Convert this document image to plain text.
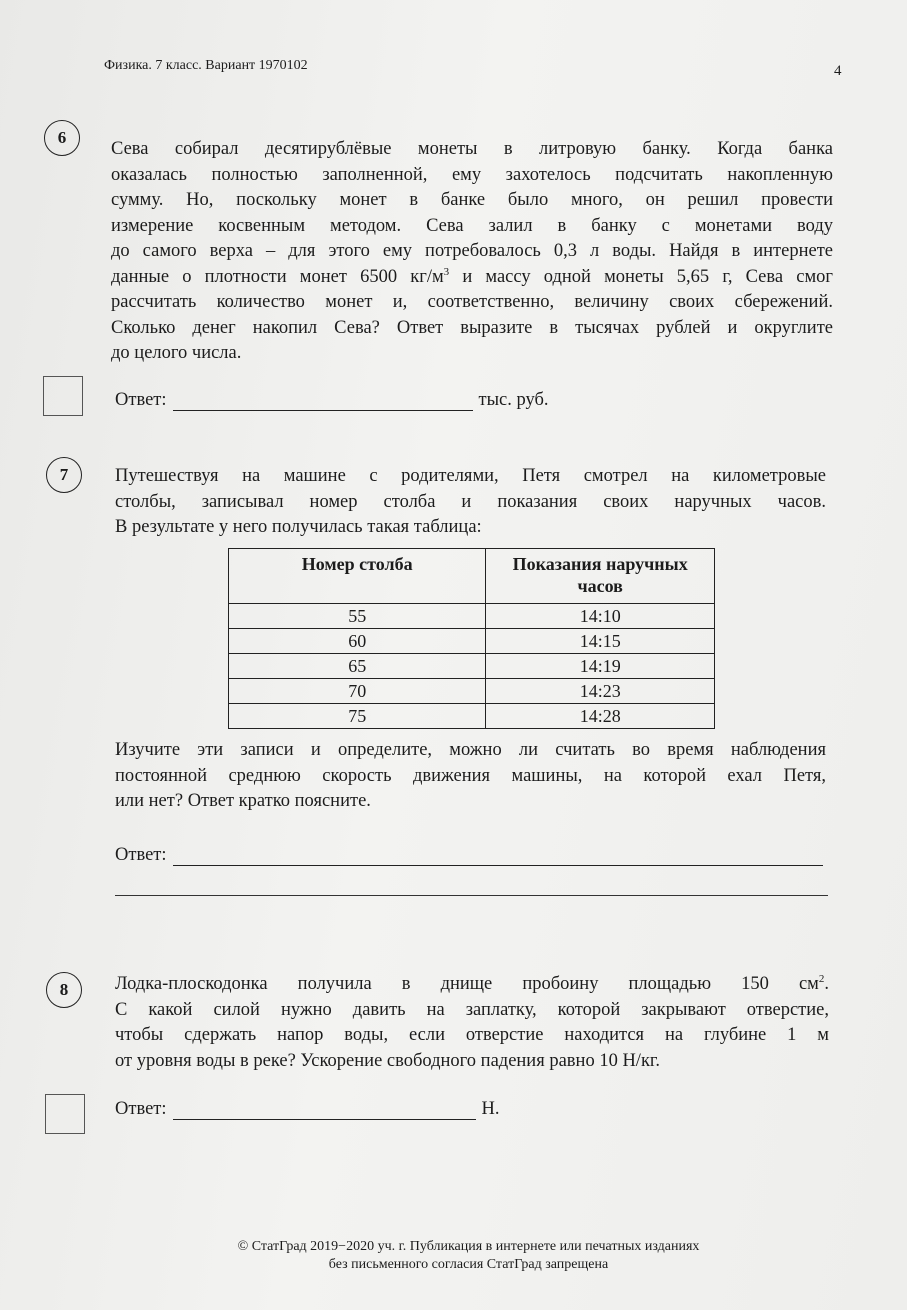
Физика. 7 класс. Вариант 1970102	4
6
Сева собирал десятирублёвые монеты в литровую банку. Когда банка
оказалась полностью заполненной, ему захотелось подсчитать накопленную
сумму. Но, поскольку монет в банке было много, он решил провести
измерение косвенным методом. Сева залил в банку с монетами воду
до самого верха – для этого ему потребовалось 0,3 л воды. Найдя в интернете
данные о плотности монет 6500 $кг/м^3$ и массу одной монеты 5,65 г, Сева смог
рассчитать количество монет и, соответственно, величину своих сбережений.
Сколько денег накопил Сева? Ответ выразите в тысячах рублей и округлите
до целого числа.
Ответ:	тыс. руб.
7	Путешествуя на машине с родителями, Петя смотрел на километровые
столбы, записывал номер столба и показания своих наручных часов.
В результате у него получилась такая таблица:
Номер столба	Показания наручных часов
55	14:10
60	14:15
65	14:19
70	14:23
75	14:28
Изучите эти записи и определите, можно ли считать во время наблюдения
постоянной среднюю скорость движения машины, на которой ехал Петя,
или нет? Ответ кратко поясните.
Ответ:
8	Лодка-плоскодонка получила в днище пробоину площадью 150 $см^2$.
С какой силой нужно давить на заплатку, которой закрывают отверстие,
чтобы сдержать напор воды, если отверстие находится на глубине 1 м
от уровня воды в реке? Ускорение свободного падения равно 10 Н/кг.
Ответ:	Н.
© СтатГрад 2019−2020 уч. г. Публикация в интернете или печатных изданиях
без письменного согласия СтатГрад запрещена
